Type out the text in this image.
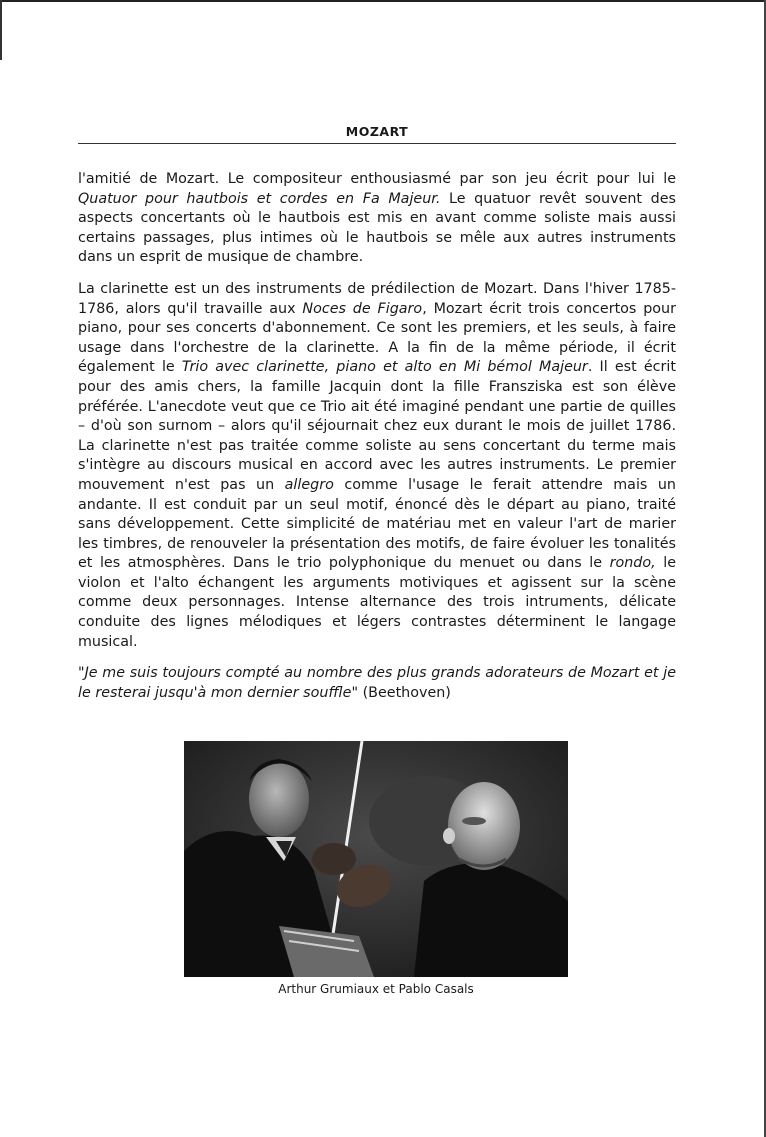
MOZART

l'amitié de Mozart. Le compositeur enthousiasmé par son jeu écrit pour lui le Quatuor pour hautbois et cordes en Fa Majeur. Le quatuor revêt souvent des aspects concertants où le hautbois est mis en avant comme soliste mais aussi certains passages, plus intimes où le hautbois se mêle aux autres instruments dans un esprit de musique de chambre.

La clarinette est un des instruments de prédilection de Mozart. Dans l'hiver 1785-1786, alors qu'il travaille aux Noces de Figaro, Mozart écrit trois concertos pour piano, pour ses concerts d'abonnement. Ce sont les premiers, et les seuls, à faire usage dans l'orchestre de la clarinette. A la fin de la même période, il écrit également le Trio avec clarinette, piano et alto en Mi bémol Majeur. Il est écrit pour des amis chers, la famille Jacquin dont la fille Fransziska est son élève préférée. L'anecdote veut que ce Trio ait été imaginé pendant une partie de quilles – d'où son surnom – alors qu'il séjournait chez eux durant le mois de juillet 1786. La clarinette n'est pas traitée comme soliste au sens concertant du terme mais s'intègre au discours musical en accord avec les autres instruments. Le premier mouvement n'est pas un allegro comme l'usage le ferait attendre mais un andante. Il est conduit par un seul motif, énoncé dès le départ au piano, traité sans développement. Cette simplicité de matériau met en valeur l'art de marier les timbres, de renouveler la présentation des motifs, de faire évoluer les tonalités et les atmosphères. Dans le trio polyphonique du menuet ou dans le rondo, le violon et l'alto échangent les arguments motiviques et agissent sur la scène comme deux personnages. Intense alternance des trois intruments, délicate conduite des lignes mélodiques et légers contrastes déterminent le langage musical.

"Je me suis toujours compté au nombre des plus grands adorateurs de Mozart et je le resterai jusqu'à mon dernier souffle" (Beethoven)

Arthur Grumiaux et Pablo Casals
